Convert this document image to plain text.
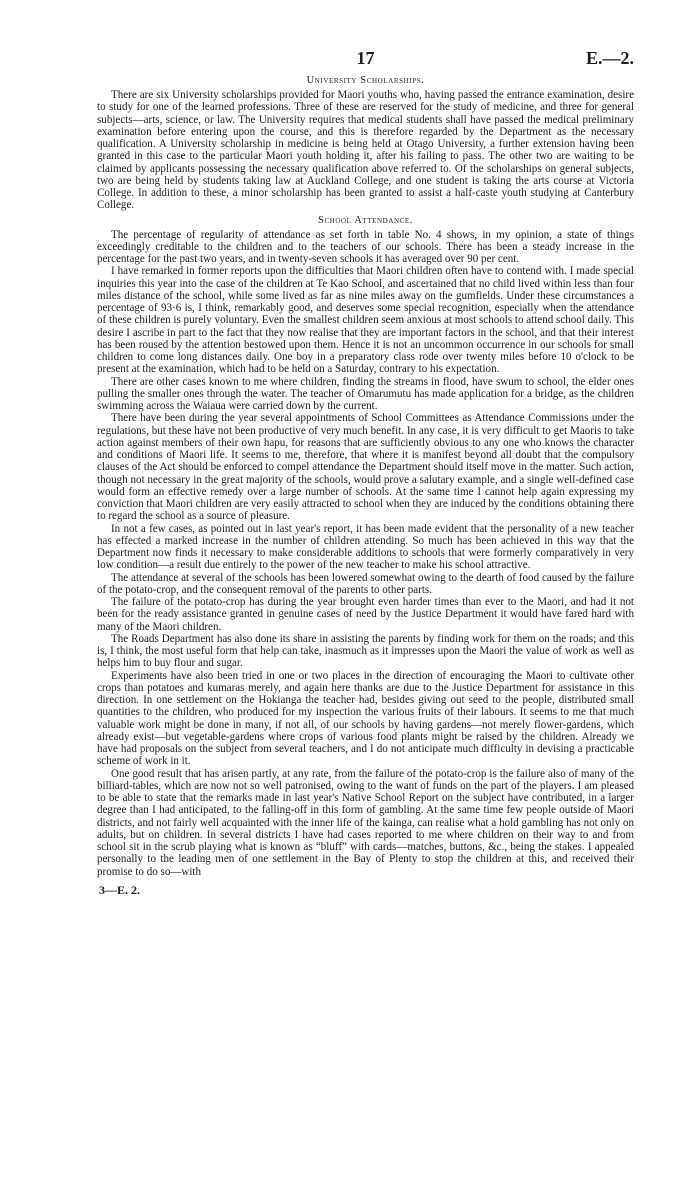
17	E.—2.
University Scholarships.

There are six University scholarships provided for Maori youths who, having passed the entrance examination, desire to study for one of the learned professions. Three of these are reserved for the study of medicine, and three for general subjects—arts, science, or law. The University requires that medical students shall have passed the medical preliminary examination before entering upon the course, and this is therefore regarded by the Department as the necessary qualification. A University scholarship in medicine is being held at Otago University, a further extension having been granted in this case to the particular Maori youth holding it, after his failing to pass. The other two are waiting to be claimed by applicants possessing the necessary qualification above referred to. Of the scholarships on general subjects, two are being held by students taking law at Auckland College, and one student is taking the arts course at Victoria College. In addition to these, a minor scholarship has been granted to assist a half-caste youth studying at Canterbury College.

School Attendance.

The percentage of regularity of attendance as set forth in table No. 4 shows, in my opinion, a state of things exceedingly creditable to the children and to the teachers of our schools. There has been a steady increase in the percentage for the past two years, and in twenty-seven schools it has averaged over 90 per cent.

I have remarked in former reports upon the difficulties that Maori children often have to contend with. I made special inquiries this year into the case of the children at Te Kao School, and ascertained that no child lived within less than four miles distance of the school, while some lived as far as nine miles away on the gumfields. Under these circumstances a percentage of 93·6 is, I think, remarkably good, and deserves some special recognition, especially when the attendance of these children is purely voluntary. Even the smallest children seem anxious at most schools to attend school daily. This desire I ascribe in part to the fact that they now realise that they are important factors in the school, and that their interest has been roused by the attention bestowed upon them. Hence it is not an uncommon occurrence in our schools for small children to come long distances daily. One boy in a preparatory class rode over twenty miles before 10 o'clock to be present at the examination, which had to be held on a Saturday, contrary to his expectation.

There are other cases known to me where children, finding the streams in flood, have swum to school, the elder ones pulling the smaller ones through the water. The teacher of Omarumutu has made application for a bridge, as the children swimming across the Waiaua were carried down by the current.

There have been during the year several appointments of School Committees as Attendance Commissions under the regulations, but these have not been productive of very much benefit. In any case, it is very difficult to get Maoris to take action against members of their own hapu, for reasons that are sufficiently obvious to any one who knows the character and conditions of Maori life. It seems to me, therefore, that where it is manifest beyond all doubt that the compulsory clauses of the Act should be enforced to compel attendance the Department should itself move in the matter. Such action, though not necessary in the great majority of the schools, would prove a salutary example, and a single well-defined case would form an effective remedy over a large number of schools. At the same time I cannot help again expressing my conviction that Maori children are very easily attracted to school when they are induced by the conditions obtaining there to regard the school as a source of pleasure.

In not a few cases, as pointed out in last year's report, it has been made evident that the personality of a new teacher has effected a marked increase in the number of children attending. So much has been achieved in this way that the Department now finds it necessary to make considerable additions to schools that were formerly comparatively in very low condition—a result due entirely to the power of the new teacher to make his school attractive.

The attendance at several of the schools has been lowered somewhat owing to the dearth of food caused by the failure of the potato-crop, and the consequent removal of the parents to other parts.

The failure of the potato-crop has during the year brought even harder times than ever to the Maori, and had it not been for the ready assistance granted in genuine cases of need by the Justice Department it would have fared hard with many of the Maori children.

The Roads Department has also done its share in assisting the parents by finding work for them on the roads; and this is, I think, the most useful form that help can take, inasmuch as it impresses upon the Maori the value of work as well as helps him to buy flour and sugar.

Experiments have also been tried in one or two places in the direction of encouraging the Maori to cultivate other crops than potatoes and kumaras merely, and again here thanks are due to the Justice Department for assistance in this direction. In one settlement on the Hokianga the teacher had, besides giving out seed to the people, distributed small quantities to the children, who produced for my inspection the various fruits of their labours. It seems to me that much valuable work might be done in many, if not all, of our schools by having gardens—not merely flower-gardens, which already exist—but vegetable-gardens where crops of various food plants might be raised by the children. Already we have had proposals on the subject from several teachers, and I do not anticipate much difficulty in devising a practicable scheme of work in it.

One good result that has arisen partly, at any rate, from the failure of the potato-crop is the failure also of many of the billiard-tables, which are now not so well patronised, owing to the want of funds on the part of the players. I am pleased to be able to state that the remarks made in last year's Native School Report on the subject have contributed, in a larger degree than I had anticipated, to the falling-off in this form of gambling. At the same time few people outside of Maori districts, and not fairly well acquainted with the inner life of the kainga, can realise what a hold gambling has not only on adults, but on children. In several districts I have had cases reported to me where children on their way to and from school sit in the scrub playing what is known as “bluff” with cards—matches, buttons, &c., being the stakes. I appealed personally to the leading men of one settlement in the Bay of Plenty to stop the children at this, and received their promise to do so—with

3—E. 2.
